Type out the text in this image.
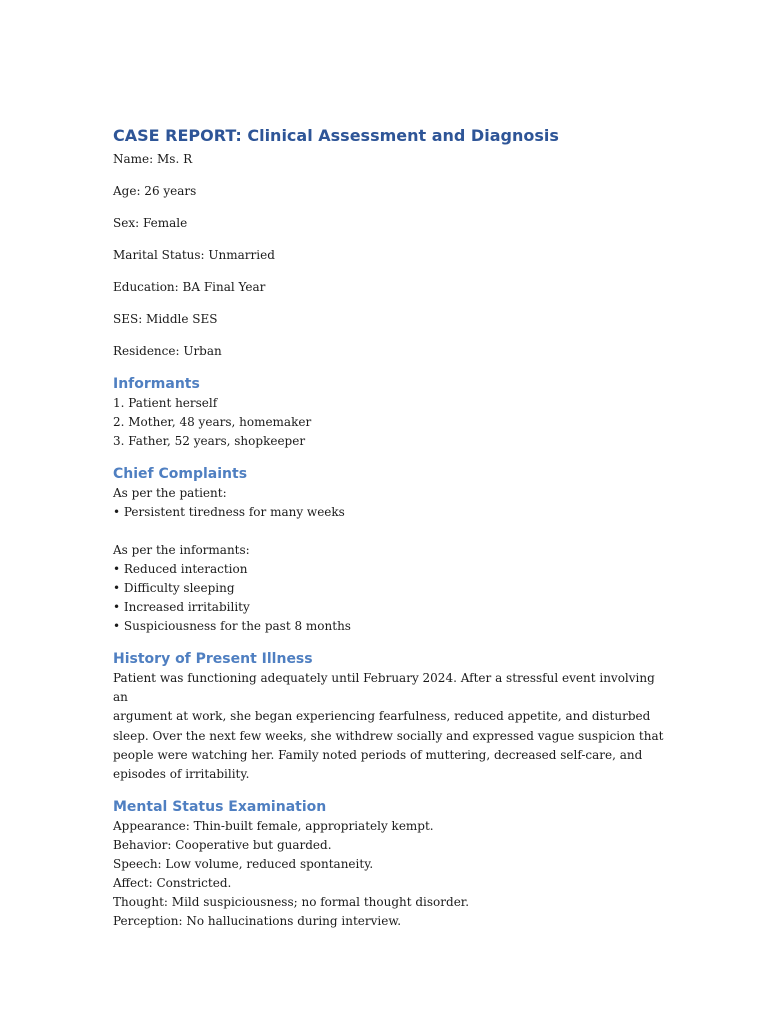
CASE REPORT: Clinical Assessment and Diagnosis

Name: Ms. R

Age: 26 years

Sex: Female

Marital Status: Unmarried

Education: BA Final Year

SES: Middle SES

Residence: Urban

Informants

1. Patient herself

2. Mother, 48 years, homemaker

3. Father, 52 years, shopkeeper

Chief Complaints

As per the patient:

• Persistent tiredness for many weeks

As per the informants:

• Reduced interaction

• Difficulty sleeping

• Increased irritability

• Suspiciousness for the past 8 months

History of Present Illness

Patient was functioning adequately until February 2024. After a stressful event involving an

argument at work, she began experiencing fearfulness, reduced appetite, and disturbed

sleep. Over the next few weeks, she withdrew socially and expressed vague suspicion that

people were watching her. Family noted periods of muttering, decreased self-care, and

episodes of irritability.

Mental Status Examination

Appearance: Thin-built female, appropriately kempt.

Behavior: Cooperative but guarded.

Speech: Low volume, reduced spontaneity.

Affect: Constricted.

Thought: Mild suspiciousness; no formal thought disorder.

Perception: No hallucinations during interview.
